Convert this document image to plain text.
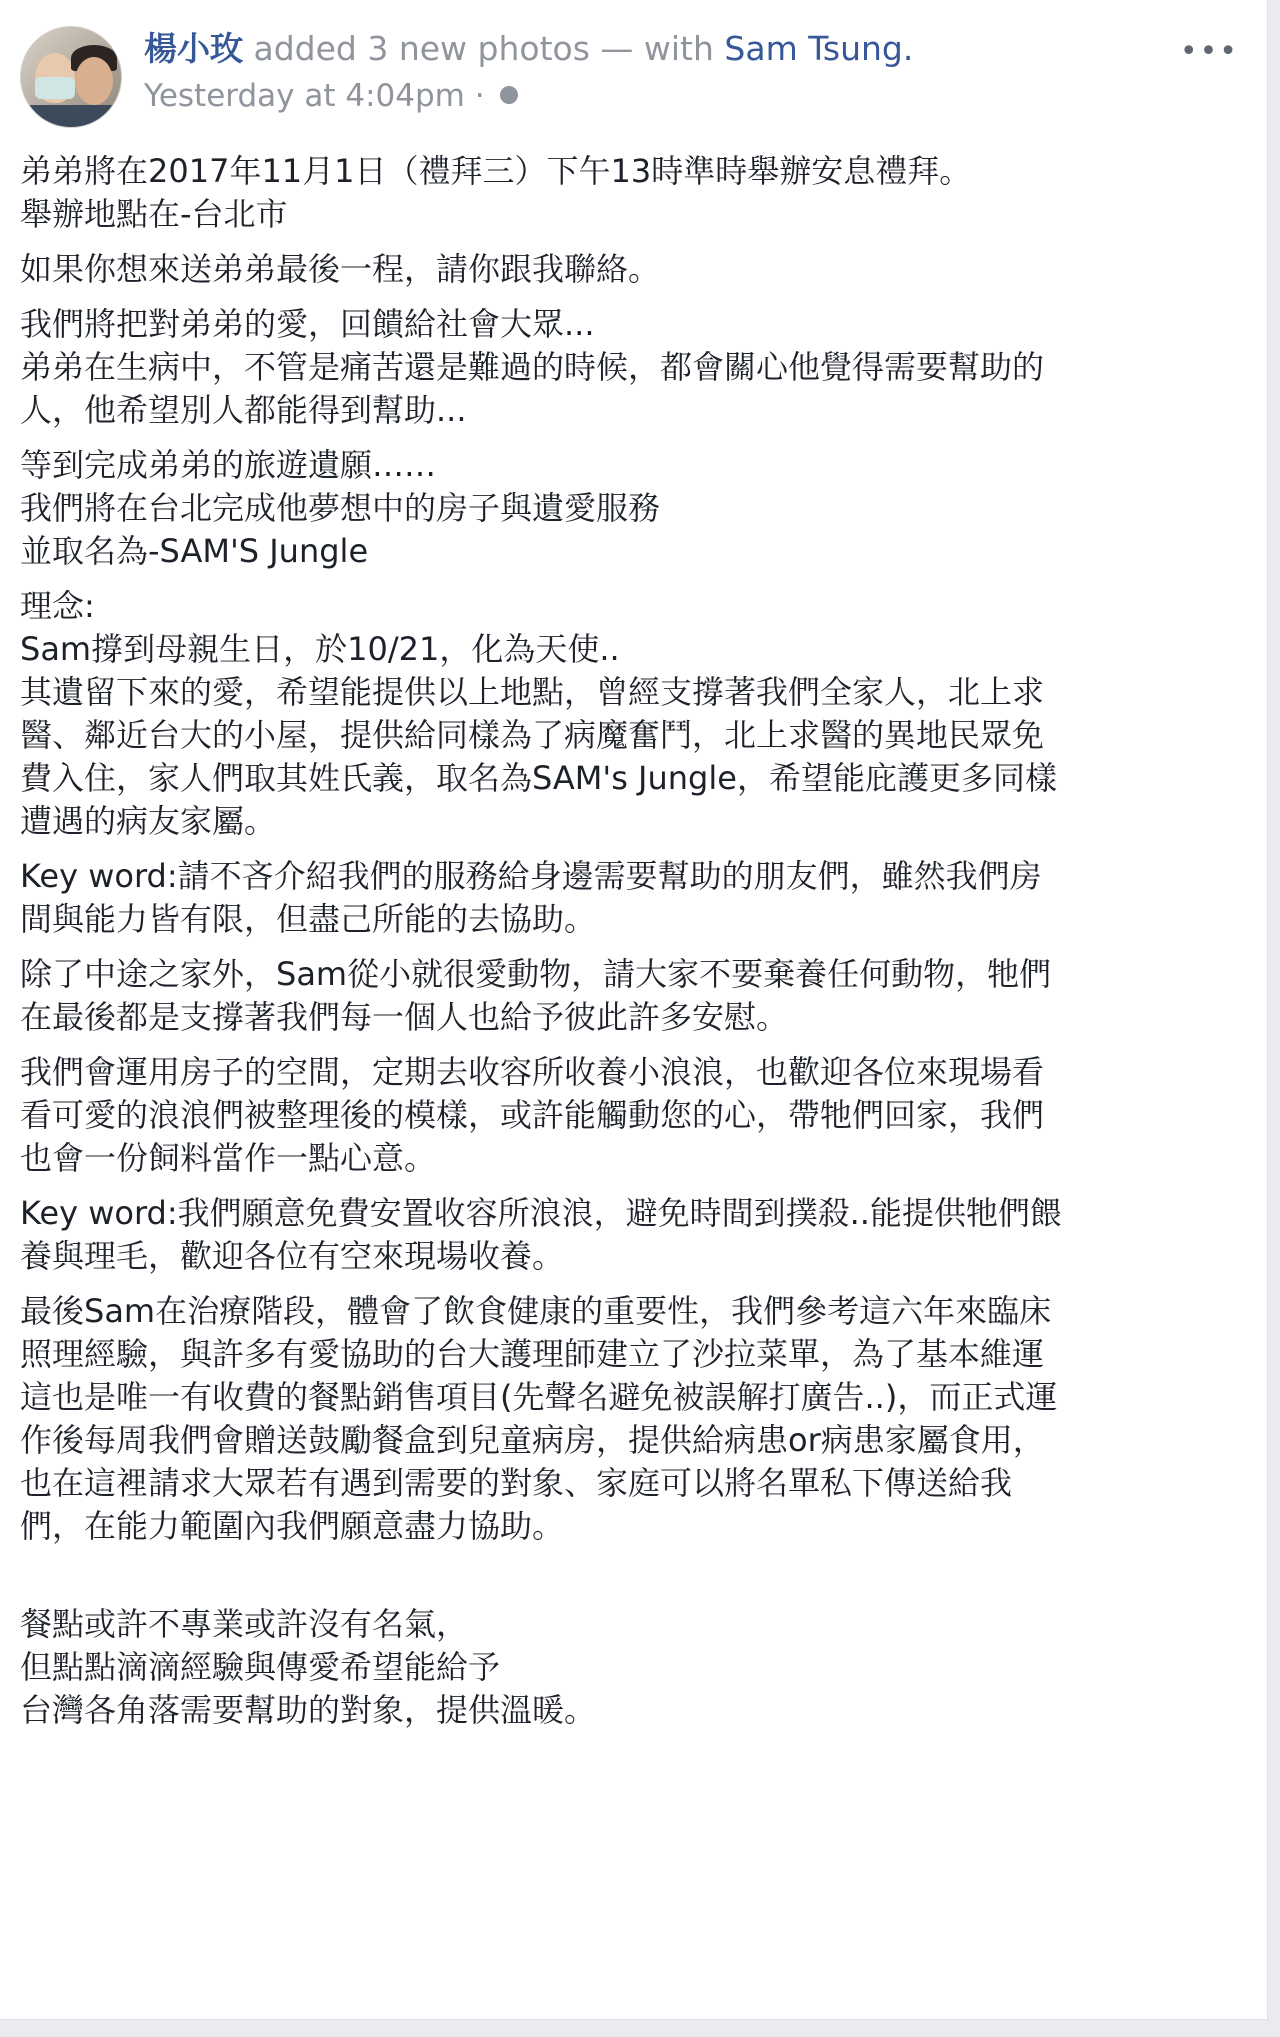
楊小玫 added 3 new photos — with Sam Tsung.
Yesterday at 4:04pm ·
•••
弟弟將在2017年11月1日（禮拜三）下午13時準時舉辦安息禮拜。
舉辦地點在-台北市
如果你想來送弟弟最後一程，請你跟我聯絡。
我們將把對弟弟的愛，回饋給社會大眾...
弟弟在生病中，不管是痛苦還是難過的時候，都會關心他覺得需要幫助的
人，他希望別人都能得到幫助...
等到完成弟弟的旅遊遺願……
我們將在台北完成他夢想中的房子與遺愛服務
並取名為-SAM'S Jungle
理念:
Sam撐到母親生日，於10/21，化為天使..
其遺留下來的愛，希望能提供以上地點，曾經支撐著我們全家人，北上求
醫、鄰近台大的小屋，提供給同樣為了病魔奮鬥，北上求醫的異地民眾免
費入住，家人們取其姓氏義，取名為SAM's Jungle，希望能庇護更多同樣
遭遇的病友家屬。
Key word:請不吝介紹我們的服務給身邊需要幫助的朋友們，雖然我們房
間與能力皆有限，但盡己所能的去協助。
除了中途之家外，Sam從小就很愛動物，請大家不要棄養任何動物，牠們
在最後都是支撐著我們每一個人也給予彼此許多安慰。
我們會運用房子的空間，定期去收容所收養小浪浪，也歡迎各位來現場看
看可愛的浪浪們被整理後的模樣，或許能觸動您的心，帶牠們回家，我們
也會一份飼料當作一點心意。
Key word:我們願意免費安置收容所浪浪，避免時間到撲殺..能提供牠們餵
養與理毛，歡迎各位有空來現場收養。
最後Sam在治療階段，體會了飲食健康的重要性，我們參考這六年來臨床
照理經驗，與許多有愛協助的台大護理師建立了沙拉菜單，為了基本維運
這也是唯一有收費的餐點銷售項目(先聲名避免被誤解打廣告..)，而正式運
作後每周我們會贈送鼓勵餐盒到兒童病房，提供給病患or病患家屬食用，
也在這裡請求大眾若有遇到需要的對象、家庭可以將名單私下傳送給我
們，在能力範圍內我們願意盡力協助。
餐點或許不專業或許沒有名氣，
但點點滴滴經驗與傳愛希望能給予
台灣各角落需要幫助的對象，提供溫暖。
